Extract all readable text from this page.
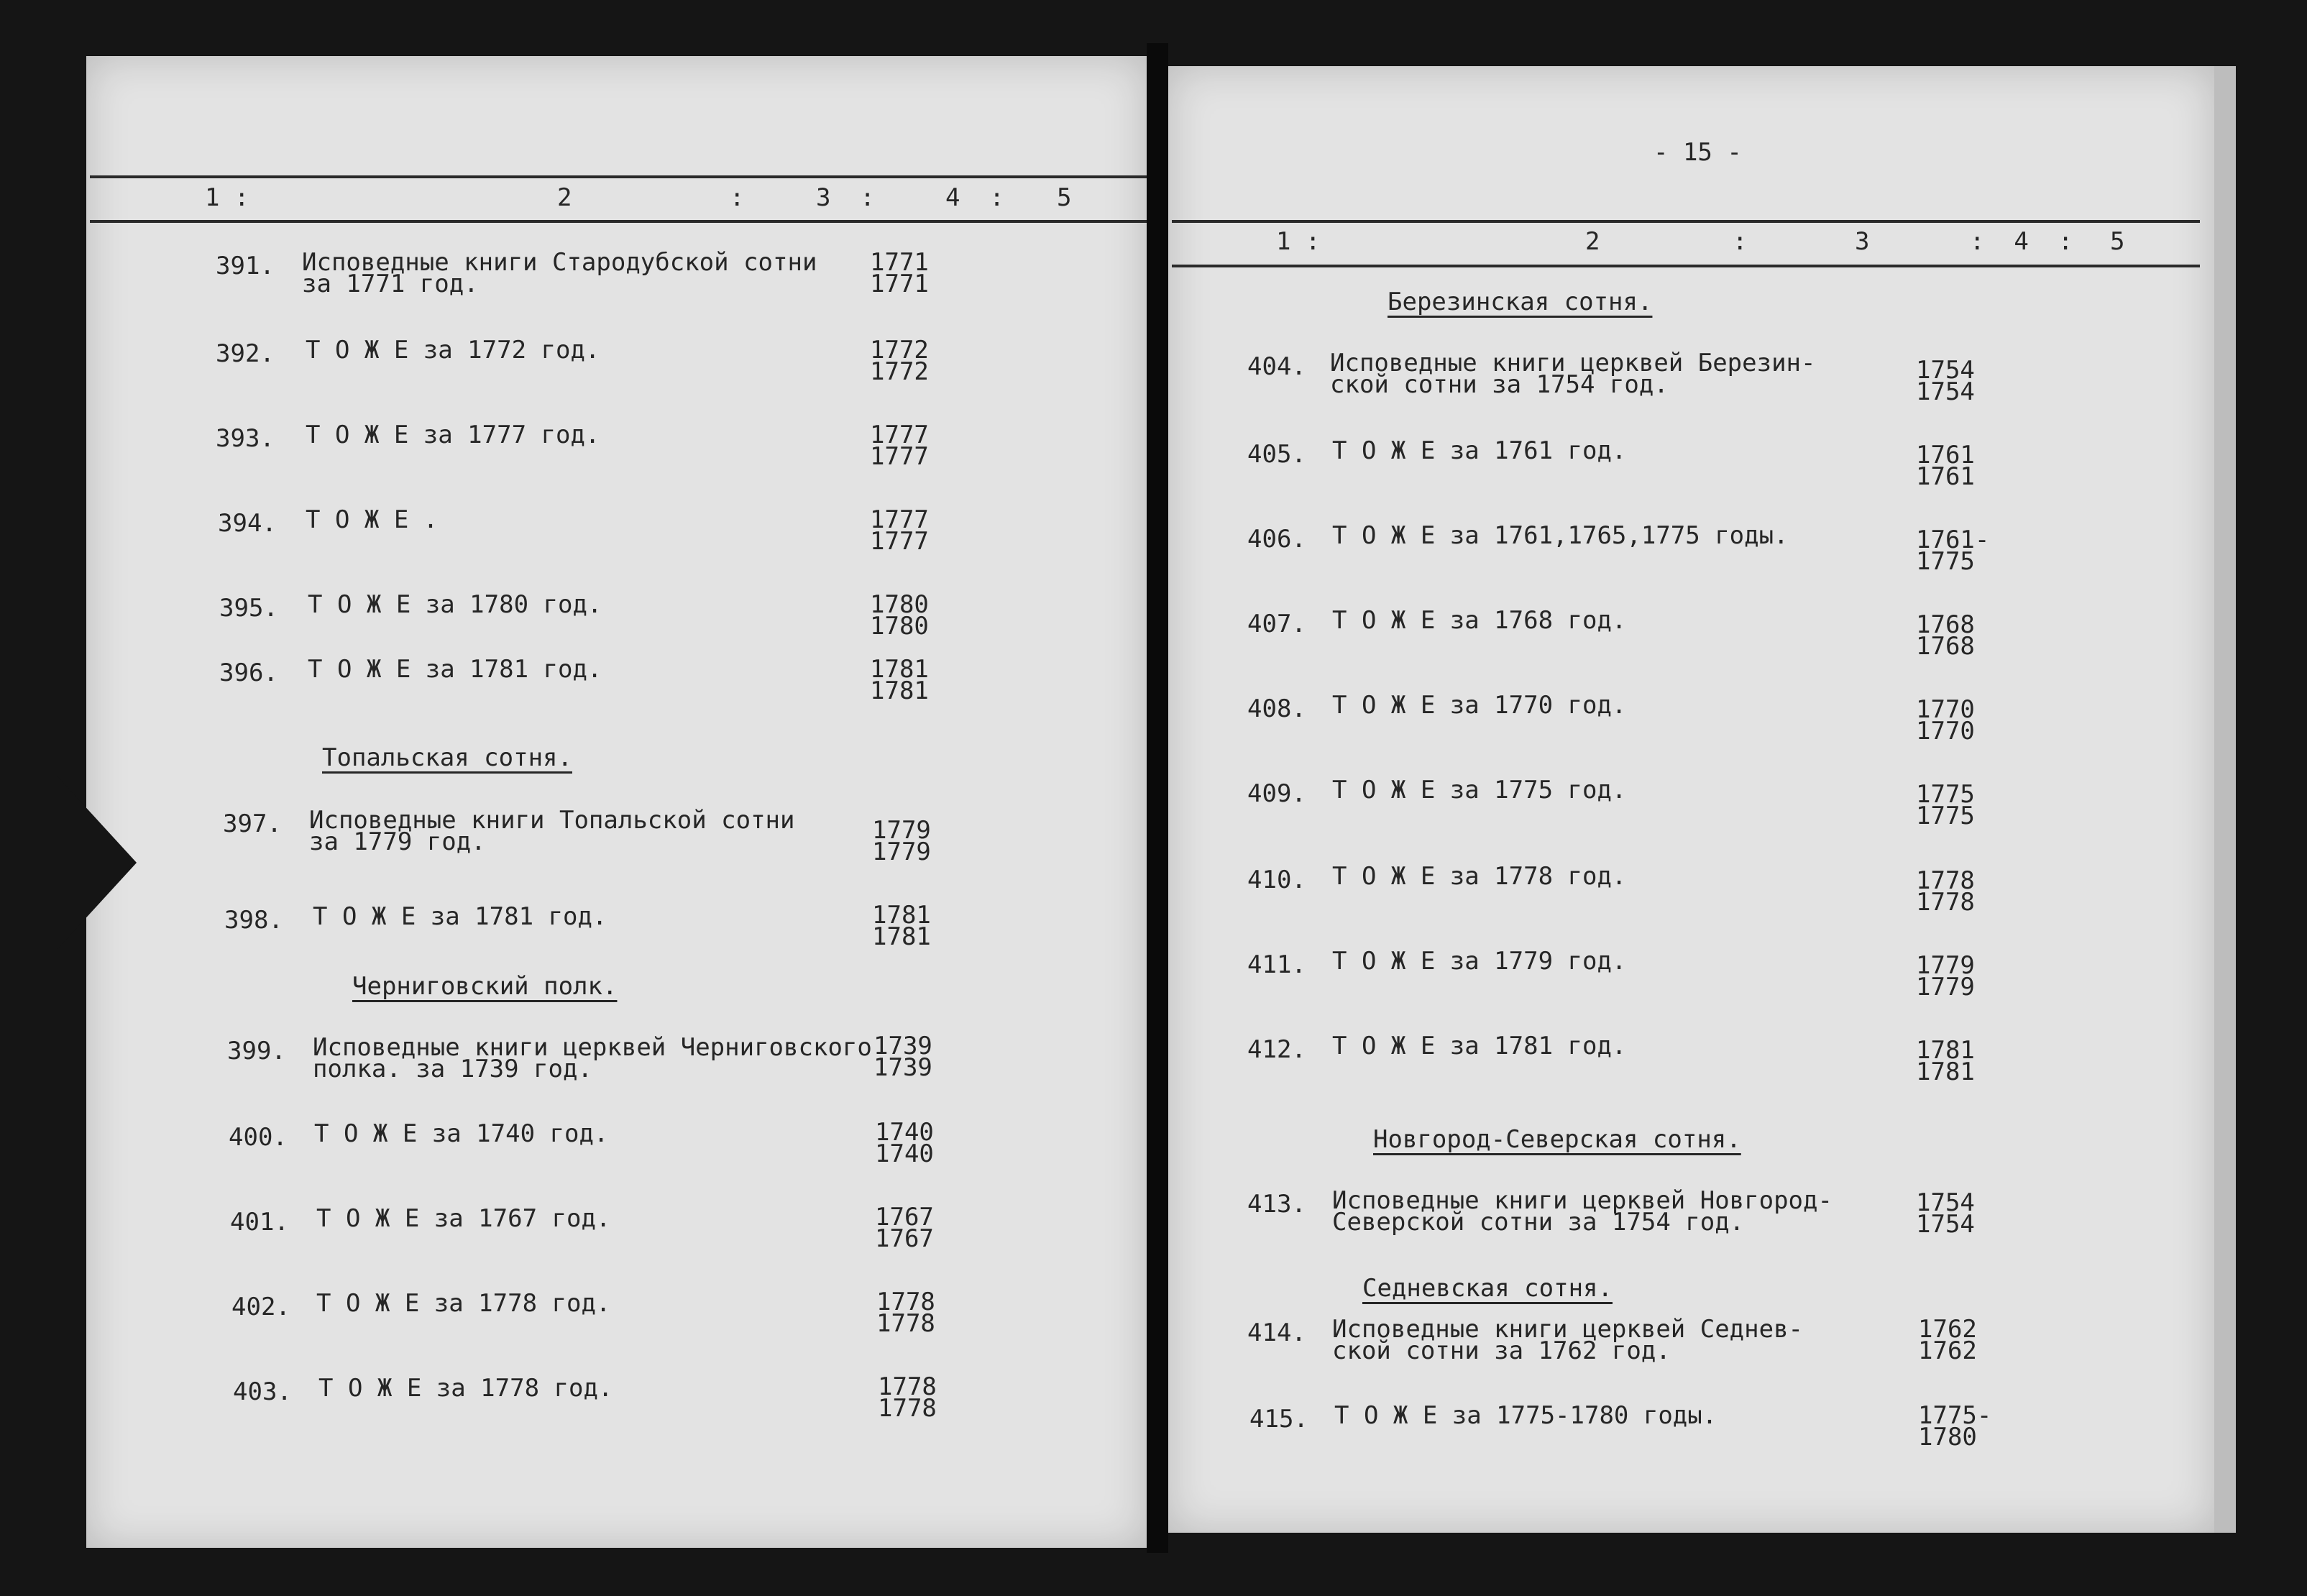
1 :	2	:	3  : 4  : 5
391. Исповедные книги Стародубской сотни
за 1771 год.
1771
1771
392. Т О Ж Е за 1772 год.	1772
1772
393. Т О Ж Е за 1777 год.	1777
1777
394. Т О Ж Е .	1777
1777
395. Т О Ж Е за 1780 год.	1780
1780
396. Т О Ж Е за 1781 год.	1781
1781
Топальская сотня.
397. Исповедные книги Топальской сотни
за 1779 год.	1779
1779
398. Т О Ж Е за 1781 год.	1781
1781
Черниговский полк.
399. Исповедные книги церквей Черниговского
полка. за 1739 год.
1739
1739
400. Т О Ж Е за 1740 год.	1740
1740
401. Т О Ж Е за 1767 год.	1767
1767
402. Т О Ж Е за 1778 год.	1778
1778
403. Т О Ж Е за 1778 год.	1778
1778
- 15 -
1 :	2	:	3	:  4  : 5
Березинская сотня.
404. Исповедные книги церквей Березин-
ской сотни за 1754 год.	1754
1754
405. Т О Ж Е за 1761 год.	1761
1761
406. Т О Ж Е за 1761,1765,1775 годы.	1761-
1775
407. Т О Ж Е за 1768 год.	1768
1768
408. Т О Ж Е за 1770 год.	1770
1770
409. Т О Ж Е за 1775 год.	1775
1775
410. Т О Ж Е за 1778 год.	1778
1778
411. Т О Ж Е за 1779 год.	1779
1779
412. Т О Ж Е за 1781 год.	1781
1781
Новгород-Северская сотня.
413. Исповедные книги церквей Новгород-
Северской сотни за 1754 год.
1754
1754
Седневская сотня.
414. Исповедные книги церквей Седнев-
ской сотни за 1762 год.
1762
1762
415. Т О Ж Е за 1775-1780 годы.	1775-
1780
